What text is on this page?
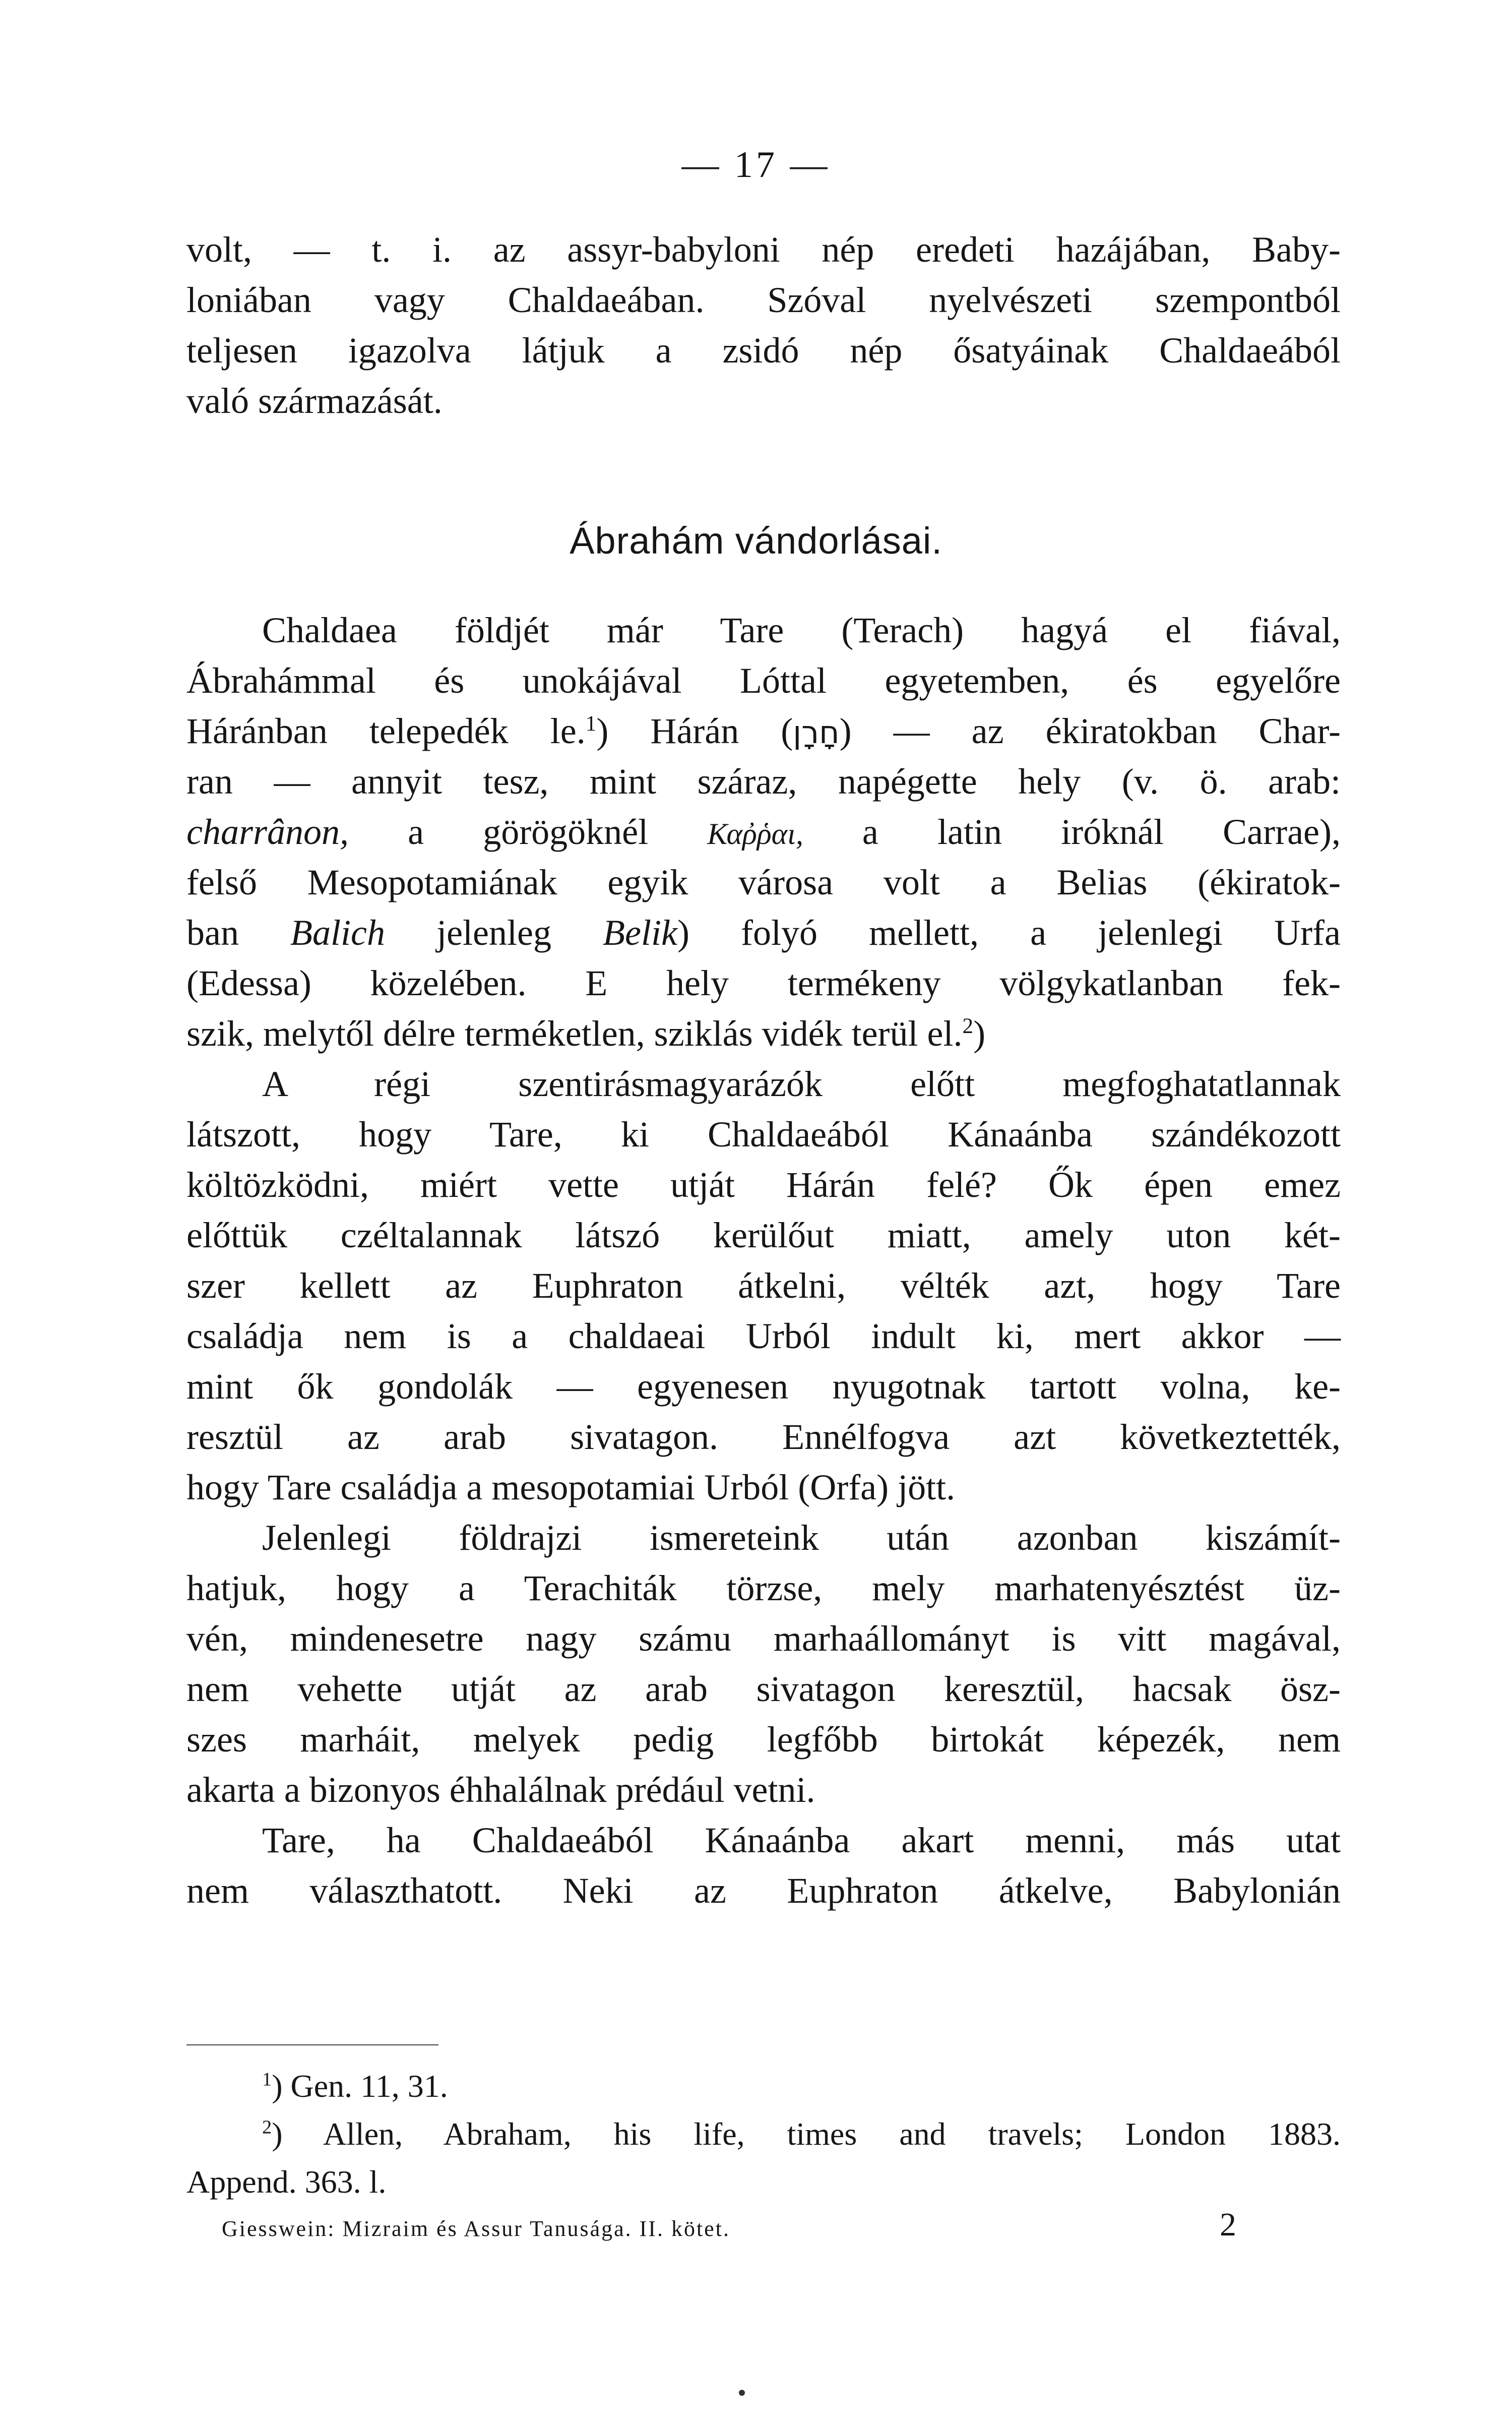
— 17 —
volt, — t. i. az assyr-babyloni nép eredeti hazájában, Baby-
loniában vagy Chaldaeában. Szóval nyelvészeti szempontból
teljesen igazolva látjuk a zsidó nép ősatyáinak Chaldaeából
való származását.
Ábrahám vándorlásai.
Chaldaea földjét már Tare (Terach) hagyá el fiával,
Ábrahámmal és unokájával Lóttal egyetemben, és egyelőre
Háránban telepedék le.$^1$) Hárán (חָרָן) — az ékiratokban Char-
ran — annyit tesz, mint száraz, napégette hely (v. ö. arab:
charrânon, a görögöknél Καῤῥαι, a latin iróknál Carrae),
felső Mesopotamiának egyik városa volt a Belias (ékiratok-
ban Balich jelenleg Belik) folyó mellett, a jelenlegi Urfa
(Edessa) közelében. E hely termékeny völgykatlanban fek-
szik, melytől délre terméketlen, sziklás vidék terül el.$^2$)
A régi szentirásmagyarázók előtt megfoghatatlannak
látszott, hogy Tare, ki Chaldaeából Kánaánba szándékozott
költözködni, miért vette utját Hárán felé? Ők épen emez
előttük czéltalannak látszó kerülőut miatt, amely uton két-
szer kellett az Euphraton átkelni, vélték azt, hogy Tare
családja nem is a chaldaeai Urból indult ki, mert akkor —
mint ők gondolák — egyenesen nyugotnak tartott volna, ke-
resztül az arab sivatagon. Ennélfogva azt következtették,
hogy Tare családja a mesopotamiai Urból (Orfa) jött.
Jelenlegi földrajzi ismereteink után azonban kiszámít-
hatjuk, hogy a Terachiták törzse, mely marhatenyésztést üz-
vén, mindenesetre nagy számu marhaállományt is vitt magával,
nem vehette utját az arab sivatagon keresztül, hacsak ösz-
szes marháit, melyek pedig legfőbb birtokát képezék, nem
akarta a bizonyos éhhalálnak prédául vetni.
Tare, ha Chaldaeából Kánaánba akart menni, más utat
nem választhatott. Neki az Euphraton átkelve, Babylonián
$^1$) Gen. 11, 31.
$^2$) Allen, Abraham, his life, times and travels; London 1883.
Append. 363. l.
Giesswein: Mizraim és Assur Tanusága. II. kötet.	2
